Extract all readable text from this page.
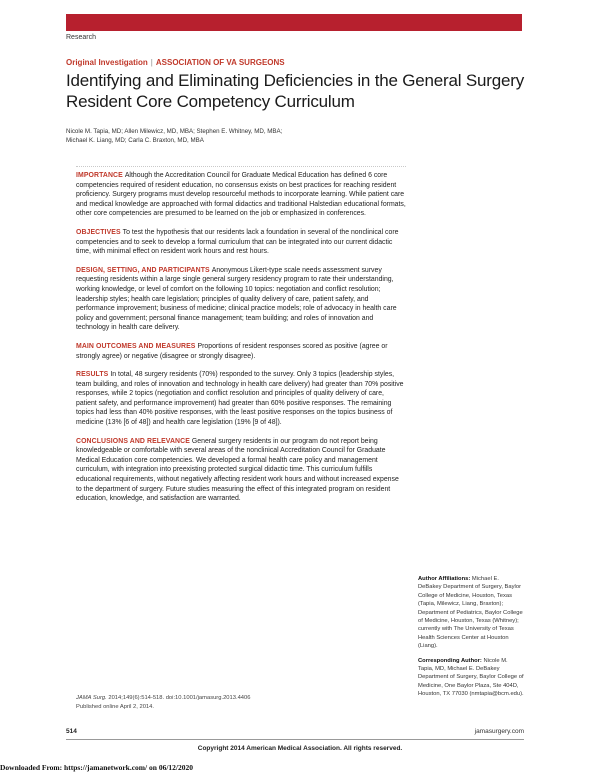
Research
Original Investigation | ASSOCIATION OF VA SURGEONS
Identifying and Eliminating Deficiencies in the General Surgery Resident Core Competency Curriculum
Nicole M. Tapia, MD; Allen Milewicz, MD, MBA; Stephen E. Whitney, MD, MBA;
Michael K. Liang, MD; Carla C. Braxton, MD, MBA

IMPORTANCE Although the Accreditation Council for Graduate Medical Education has defined 6 core competencies required of resident education, no consensus exists on best practices for reaching resident proficiency. Surgery programs must develop resourceful methods to incorporate learning. While patient care and medical knowledge are approached with formal didactics and traditional Halstedian educational formats, other core competencies are presumed to be learned on the job or emphasized in conferences.

OBJECTIVES To test the hypothesis that our residents lack a foundation in several of the nonclinical core competencies and to seek to develop a formal curriculum that can be integrated into our current didactic time, with minimal effect on resident work hours and rest hours.

DESIGN, SETTING, AND PARTICIPANTS Anonymous Likert-type scale needs assessment survey requesting residents within a large single general surgery residency program to rate their understanding, working knowledge, or level of comfort on the following 10 topics: negotiation and conflict resolution; leadership styles; health care legislation; principles of quality delivery of care, patient safety, and performance improvement; business of medicine; clinical practice models; role of advocacy in health care policy and government; personal finance management; team building; and roles of innovation and technology in health care delivery.

MAIN OUTCOMES AND MEASURES Proportions of resident responses scored as positive (agree or strongly agree) or negative (disagree or strongly disagree).

RESULTS In total, 48 surgery residents (70%) responded to the survey. Only 3 topics (leadership styles, team building, and roles of innovation and technology in health care delivery) had greater than 70% positive responses, while 2 topics (negotiation and conflict resolution and principles of quality delivery of care, patient safety, and performance improvement) had greater than 60% positive responses. The remaining topics had less than 40% positive responses, with the least positive responses on the topics business of medicine (13% [6 of 48]) and health care legislation (19% [9 of 48]).

CONCLUSIONS AND RELEVANCE General surgery residents in our program do not report being knowledgeable or comfortable with several areas of the nonclinical Accreditation Council for Graduate Medical Education core competencies. We developed a formal health care policy and management curriculum, with integration into preexisting protected surgical didactic time. This curriculum fulfills educational requirements, without negatively affecting resident work hours and without increased expense to the department of surgery. Future studies measuring the effect of this integrated program on resident education, knowledge, and satisfaction are warranted.

Author Affiliations: Michael E. DeBakey Department of Surgery, Baylor College of Medicine, Houston, Texas (Tapia, Milewicz, Liang, Braxton); Department of Pediatrics, Baylor College of Medicine, Houston, Texas (Whitney); currently with The University of Texas Health Sciences Center at Houston (Liang).
Corresponding Author: Nicole M. Tapia, MD, Michael E. DeBakey Department of Surgery, Baylor College of Medicine, One Baylor Plaza, Ste 404D, Houston, TX 77030 (nmtapia@bcm.edu).
JAMA Surg. 2014;149(6):514-518. doi:10.1001/jamasurg.2013.4406
Published online April 2, 2014.
514	jamasurgery.com
Copyright 2014 American Medical Association. All rights reserved.
Downloaded From: https://jamanetwork.com/ on 06/12/2020
